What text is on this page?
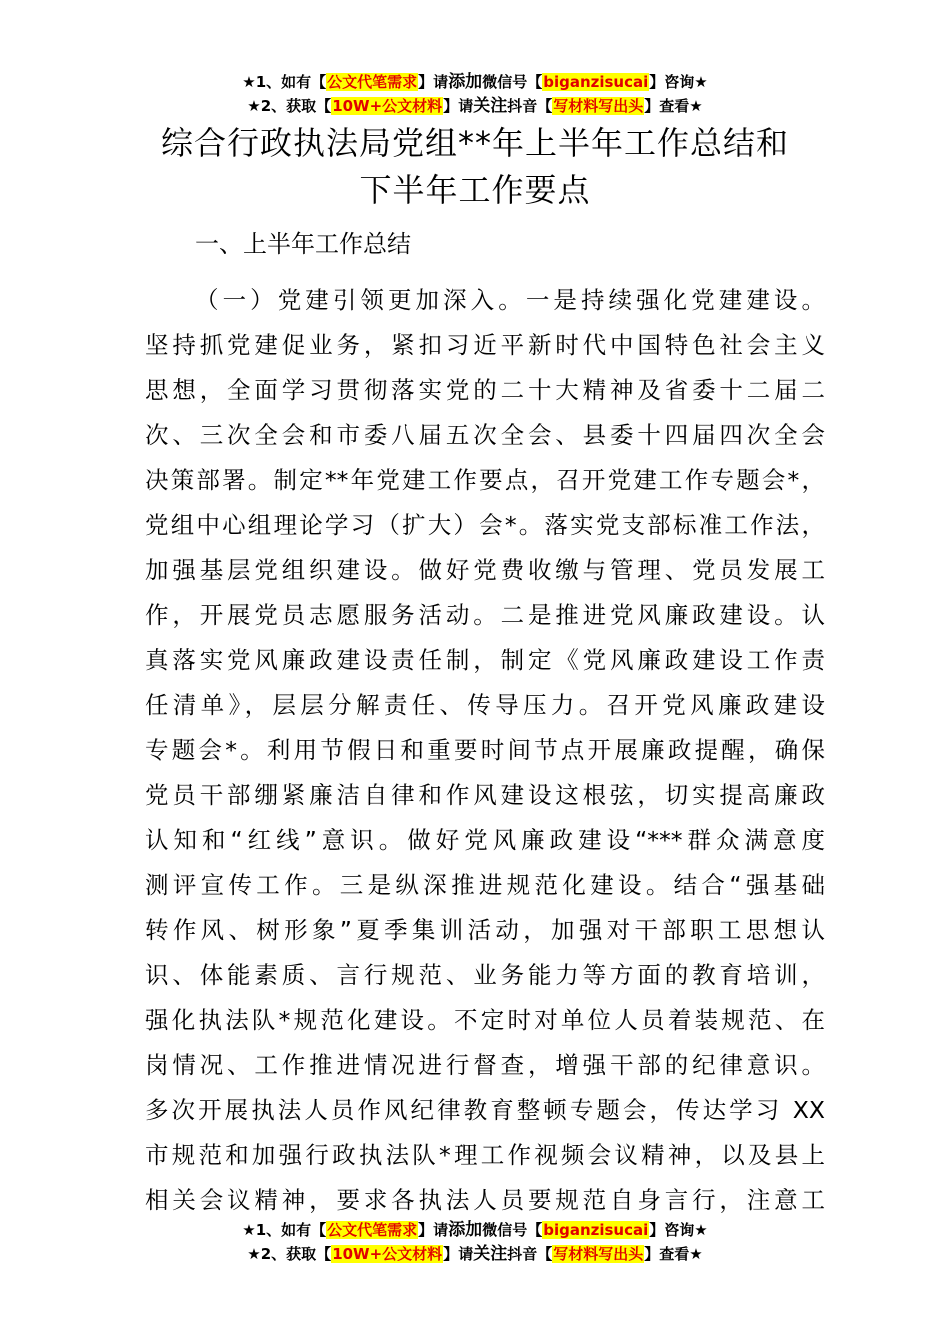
★1、如有【公文代笔需求】请添加微信号【biganzisucai】咨询★
★2、获取【10W+公文材料】请关注抖音【写材料写出头】查看★
综合行政执法局党组**年上半年工作总结和
下半年工作要点
一、上半年工作总结
（一）党建引领更加深入。一是持续强化党建建设。
坚持抓党建促业务，紧扣习近平新时代中国特色社会主义
思想，全面学习贯彻落实党的二十大精神及省委十二届二
次、三次全会和市委八届五次全会、县委十四届四次全会
决策部署。制定**年党建工作要点，召开党建工作专题会*，
党组中心组理论学习（扩大）会*。落实党支部标准工作法，
加强基层党组织建设。做好党费收缴与管理、党员发展工
作，开展党员志愿服务活动。二是推进党风廉政建设。认
真落实党风廉政建设责任制，制定《党风廉政建设工作责
任清单》，层层分解责任、传导压力。召开党风廉政建设
专题会*。利用节假日和重要时间节点开展廉政提醒，确保
党员干部绷紧廉洁自律和作风建设这根弦，切实提高廉政
认知和“红线”意识。做好党风廉政建设“***群众满意度
测评宣传工作。三是纵深推进规范化建设。结合“强基础
转作风、树形象”夏季集训活动，加强对干部职工思想认
识、体能素质、言行规范、业务能力等方面的教育培训，
强化执法队*规范化建设。不定时对单位人员着装规范、在
岗情况、工作推进情况进行督查，增强干部的纪律意识。
多次开展执法人员作风纪律教育整顿专题会，传达学习 XX
市规范和加强行政执法队*理工作视频会议精神，以及县上
相关会议精神，要求各执法人员要规范自身言行，注意工
★1、如有【公文代笔需求】请添加微信号【biganzisucai】咨询★
★2、获取【10W+公文材料】请关注抖音【写材料写出头】查看★
